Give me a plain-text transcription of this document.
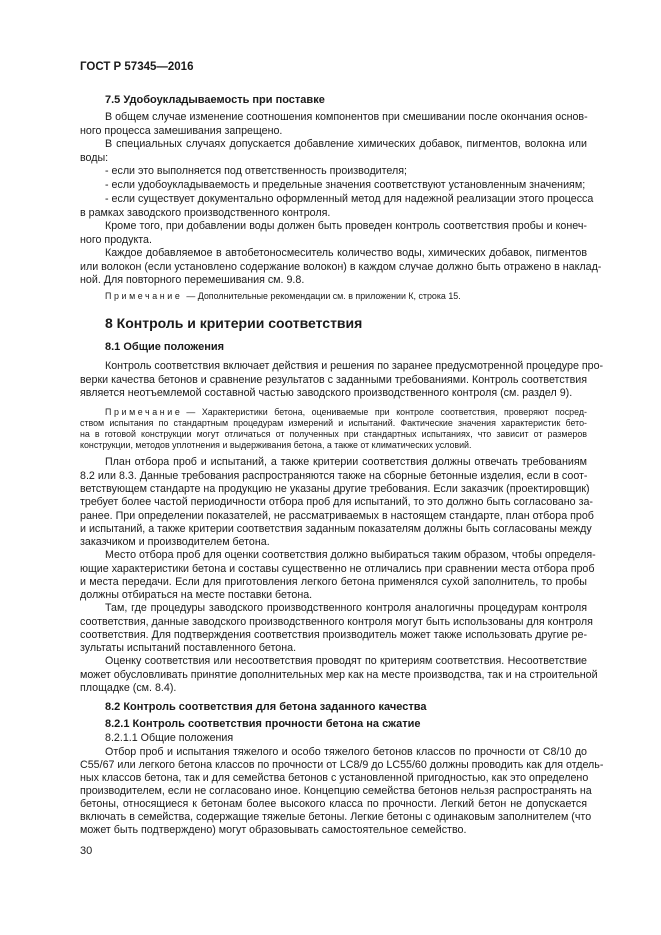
ГОСТ Р 57345—2016
7.5 Удобоукладываемость при поставке
В общем случае изменение соотношения компонентов при смешивании после окончания основ-
ного процесса замешивания запрещено.
В специальных случаях допускается добавление химических добавок, пигментов, волокна или
воды:
- если это выполняется под ответственность производителя;
- если удобоукладываемость и предельные значения соответствуют установленным значениям;
- если существует документально оформленный метод для надежной реализации этого процесса
в рамках заводского производственного контроля.
Кроме того, при добавлении воды должен быть проведен контроль соответствия пробы и конеч-
ного продукта.
Каждое добавляемое в автобетоносмеситель количество воды, химических добавок, пигментов
или волокон (если установлено содержание волокон) в каждом случае должно быть отражено в наклад-
ной. Для повторного перемешивания см. 9.8.
Примечание — Дополнительные рекомендации см. в приложении К, строка 15.
8 Контроль и критерии соответствия
8.1 Общие положения
Контроль соответствия включает действия и решения по заранее предусмотренной процедуре про-
верки качества бетонов и сравнение результатов с заданными требованиями. Контроль соответствия
является неотъемлемой составной частью заводского производственного контроля (см. раздел 9).
Примечание — Характеристики бетона, оцениваемые при контроле соответствия, проверяют посред-
ством испытания по стандартным процедурам измерений и испытаний. Фактические значения характеристик бето-
на в готовой конструкции могут отличаться от полученных при стандартных испытаниях, что зависит от размеров
конструкции, методов уплотнения и выдерживания бетона, а также от климатических условий.
План отбора проб и испытаний, а также критерии соответствия должны отвечать требованиям
8.2 или 8.3. Данные требования распространяются также на сборные бетонные изделия, если в соот-
ветствующем стандарте на продукцию не указаны другие требования. Если заказчик (проектировщик)
требует более частой периодичности отбора проб для испытаний, то это должно быть согласовано за-
ранее. При определении показателей, не рассматриваемых в настоящем стандарте, план отбора проб
и испытаний, а также критерии соответствия заданным показателям должны быть согласованы между
заказчиком и производителем бетона.
Место отбора проб для оценки соответствия должно выбираться таким образом, чтобы определя-
ющие характеристики бетона и составы существенно не отличались при сравнении места отбора проб
и места передачи. Если для приготовления легкого бетона применялся сухой заполнитель, то пробы
должны отбираться на месте поставки бетона.
Там, где процедуры заводского производственного контроля аналогичны процедурам контроля
соответствия, данные заводского производственного контроля могут быть использованы для контроля
соответствия. Для подтверждения соответствия производитель может также использовать другие ре-
зультаты испытаний поставленного бетона.
Оценку соответствия или несоответствия проводят по критериям соответствия. Несоответствие
может обусловливать принятие дополнительных мер как на месте производства, так и на строительной
площадке (см. 8.4).
8.2 Контроль соответствия для бетона заданного качества
8.2.1 Контроль соответствия прочности бетона на сжатие
8.2.1.1 Общие положения
Отбор проб и испытания тяжелого и особо тяжелого бетонов классов по прочности от С8/10 до
С55/67 или легкого бетона классов по прочности от LC8/9 до LC55/60 должны проводить как для отдель-
ных классов бетона, так и для семейства бетонов с установленной пригодностью, как это определено
производителем, если не согласовано иное. Концепцию семейства бетонов нельзя распространять на
бетоны, относящиеся к бетонам более высокого класса по прочности. Легкий бетон не допускается
включать в семейства, содержащие тяжелые бетоны. Легкие бетоны с одинаковым заполнителем (что
может быть подтверждено) могут образовывать самостоятельное семейство.
30
